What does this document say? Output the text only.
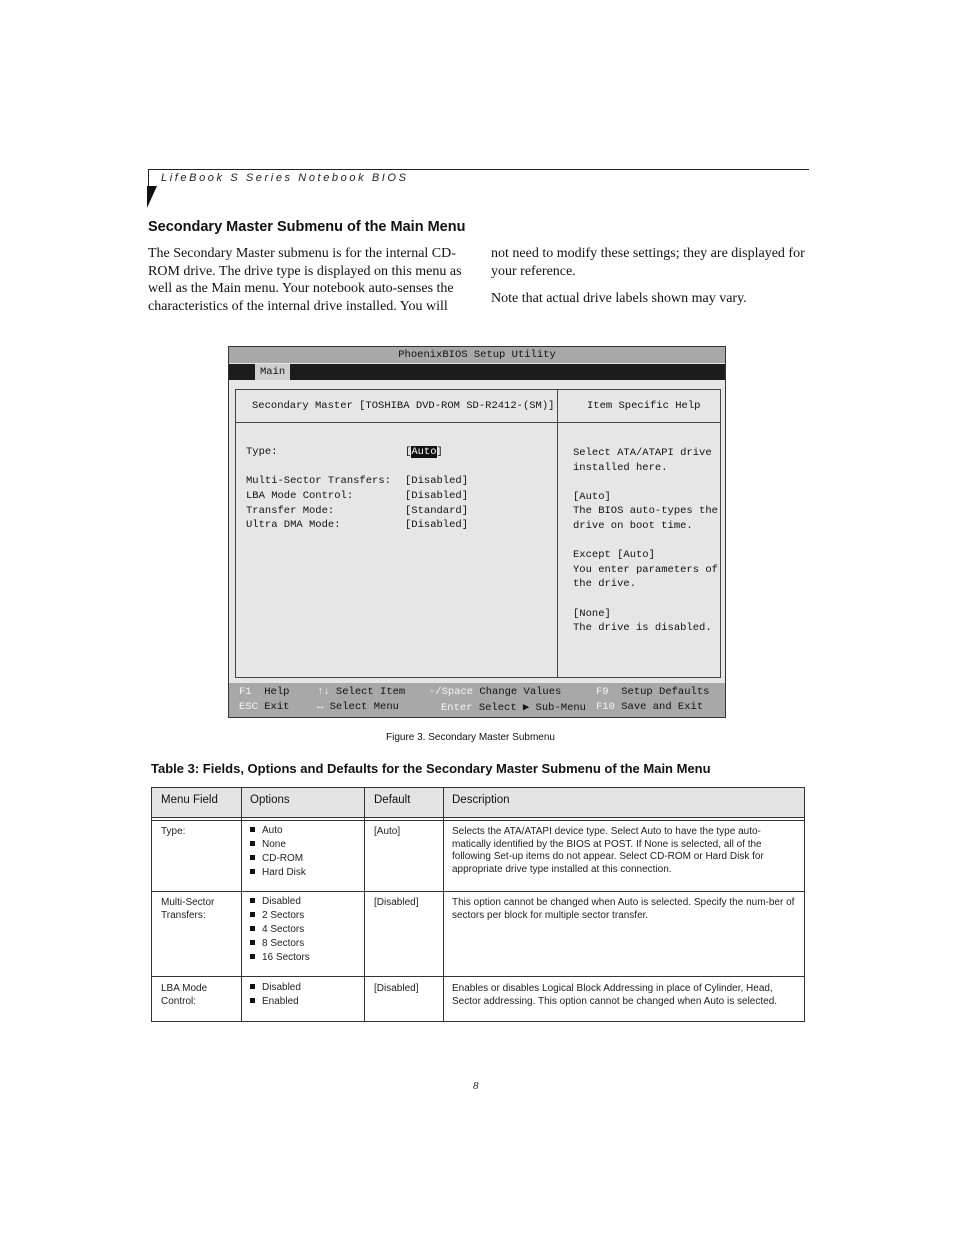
LifeBook S Series Notebook BIOS
Secondary Master Submenu of the Main Menu

The Secondary Master submenu is for the internal CD-ROM drive. The drive type is displayed on this menu as well as the Main menu. Your notebook auto-senses the characteristics of the internal drive installed. You will

not need to modify these settings; they are displayed for your reference.

Note that actual drive labels shown may vary.

PhoenixBIOS Setup Utility
Main
Secondary Master [TOSHIBA DVD-ROM SD-R2412-(SM)]	Item Specific Help
Type:	[Auto]
Multi-Sector Transfers: [Disabled]
LBA Mode Control:	[Disabled]
Transfer Mode:	[Standard]
Ultra DMA Mode:	[Disabled]
Select ATA/ATAPI drive
installed here.

[Auto]
The BIOS auto-types the
drive on boot time.

Except [Auto]
You enter parameters of
the drive.

[None]
The drive is disabled.
F1 Help	↑↓ Select Item -/Space Change Values	F9 Setup Defaults
ESC Exit	↔ Select Menu	Enter Select ▶ Sub-Menu F10 Save and Exit
Figure 3. Secondary Master Submenu
Table 3: Fields, Options and Defaults for the Secondary Master Submenu of the Main Menu
Menu Field	Options	Default	Description
Type:	Auto
None
CD-ROM
Hard Disk
[Auto]	Selects the ATA/ATAPI device type. Select Auto to have the type auto-matically identified by the BIOS at POST. If None is selected, all of the following Set-up items do not appear. Select CD-ROM or Hard Disk for appropriate drive type installed at this connection.
Multi-Sector Transfers:
Disabled
2 Sectors
4 Sectors
8 Sectors
16 Sectors
[Disabled]	This option cannot be changed when Auto is selected. Specify the num-ber of sectors per block for multiple sector transfer.
LBA Mode Control:
Disabled
Enabled
[Disabled]	Enables or disables Logical Block Addressing in place of Cylinder, Head, Sector addressing. This option cannot be changed when Auto is selected.
8
